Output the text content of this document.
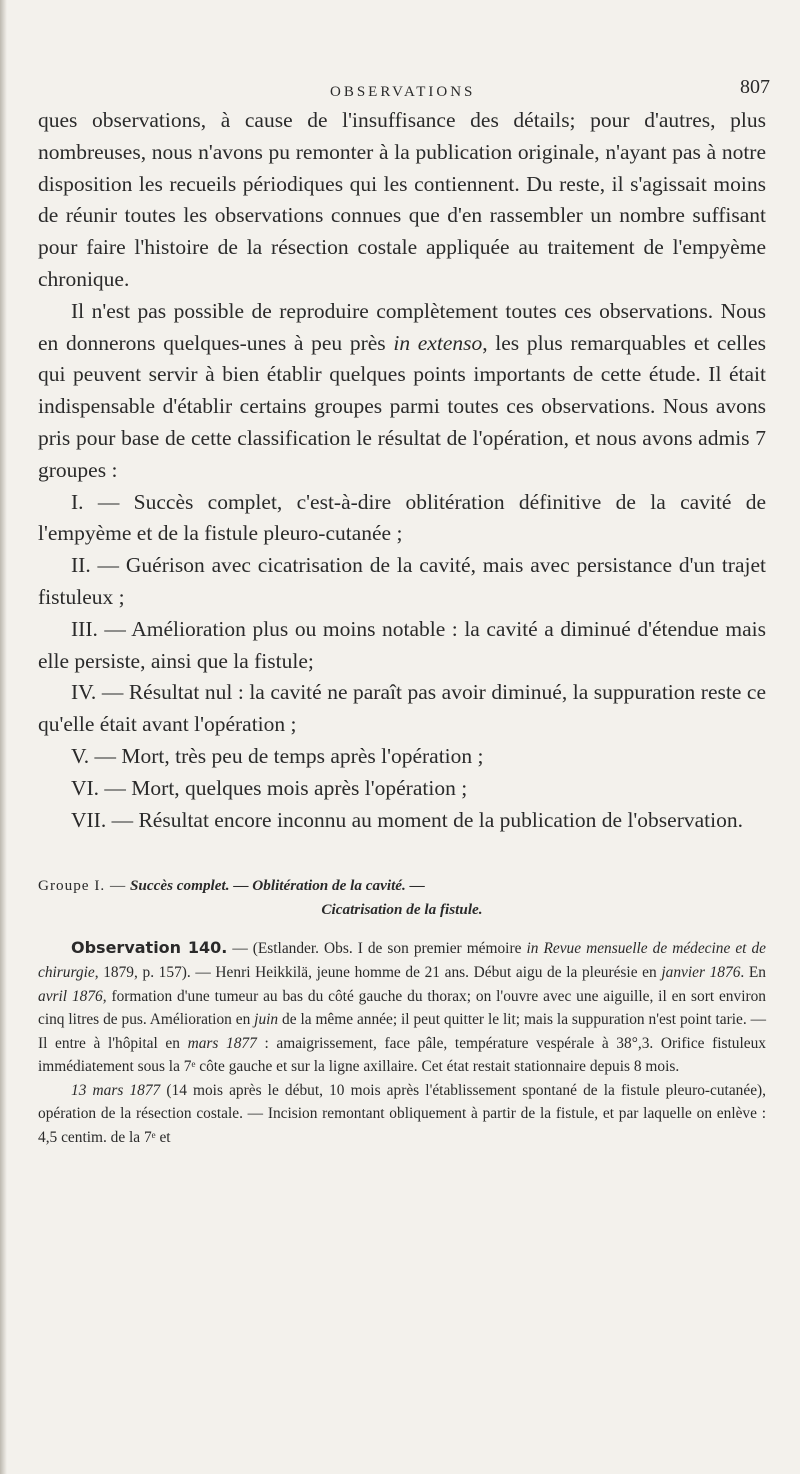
OBSERVATIONS	807

ques observations, à cause de l'insuffisance des détails; pour d'autres, plus nombreuses, nous n'avons pu remonter à la publication originale, n'ayant pas à notre disposition les recueils périodiques qui les contiennent. Du reste, il s'agissait moins de réunir toutes les observations connues que d'en rassembler un nombre suffisant pour faire l'histoire de la résection costale appliquée au traitement de l'empyème chronique.

Il n'est pas possible de reproduire complètement toutes ces observations. Nous en donnerons quelques-unes à peu près in extenso, les plus remarquables et celles qui peuvent servir à bien établir quelques points importants de cette étude. Il était indispensable d'établir certains groupes parmi toutes ces observations. Nous avons pris pour base de cette classification le résultat de l'opération, et nous avons admis 7 groupes :

I. — Succès complet, c'est-à-dire oblitération définitive de la cavité de l'empyème et de la fistule pleuro-cutanée ;

II. — Guérison avec cicatrisation de la cavité, mais avec persistance d'un trajet fistuleux ;

III. — Amélioration plus ou moins notable : la cavité a diminué d'étendue mais elle persiste, ainsi que la fistule;

IV. — Résultat nul : la cavité ne paraît pas avoir diminué, la suppuration reste ce qu'elle était avant l'opération ;

V. — Mort, très peu de temps après l'opération ;

VI. — Mort, quelques mois après l'opération ;

VII. — Résultat encore inconnu au moment de la publication de l'observation.

Groupe I. — Succès complet. — Oblitération de la cavité. —
Cicatrisation de la fistule.

Observation 140. — (Estlander. Obs. I de son premier mémoire in Revue mensuelle de médecine et de chirurgie, 1879, p. 157). — Henri Heikkilä, jeune homme de 21 ans. Début aigu de la pleurésie en janvier 1876. En avril 1876, formation d'une tumeur au bas du côté gauche du thorax; on l'ouvre avec une aiguille, il en sort environ cinq litres de pus. Amélioration en juin de la même année; il peut quitter le lit; mais la suppuration n'est point tarie. — Il entre à l'hôpital en mars 1877 : amaigrissement, face pâle, température vespérale à 38°,3. Orifice fistuleux immédiatement sous la 7ᵉ côte gauche et sur la ligne axillaire. Cet état restait stationnaire depuis 8 mois.

13 mars 1877 (14 mois après le début, 10 mois après l'établissement spontané de la fistule pleuro-cutanée), opération de la résection costale. — Incision remontant obliquement à partir de la fistule, et par laquelle on enlève : 4,5 centim. de la 7ᵉ et
